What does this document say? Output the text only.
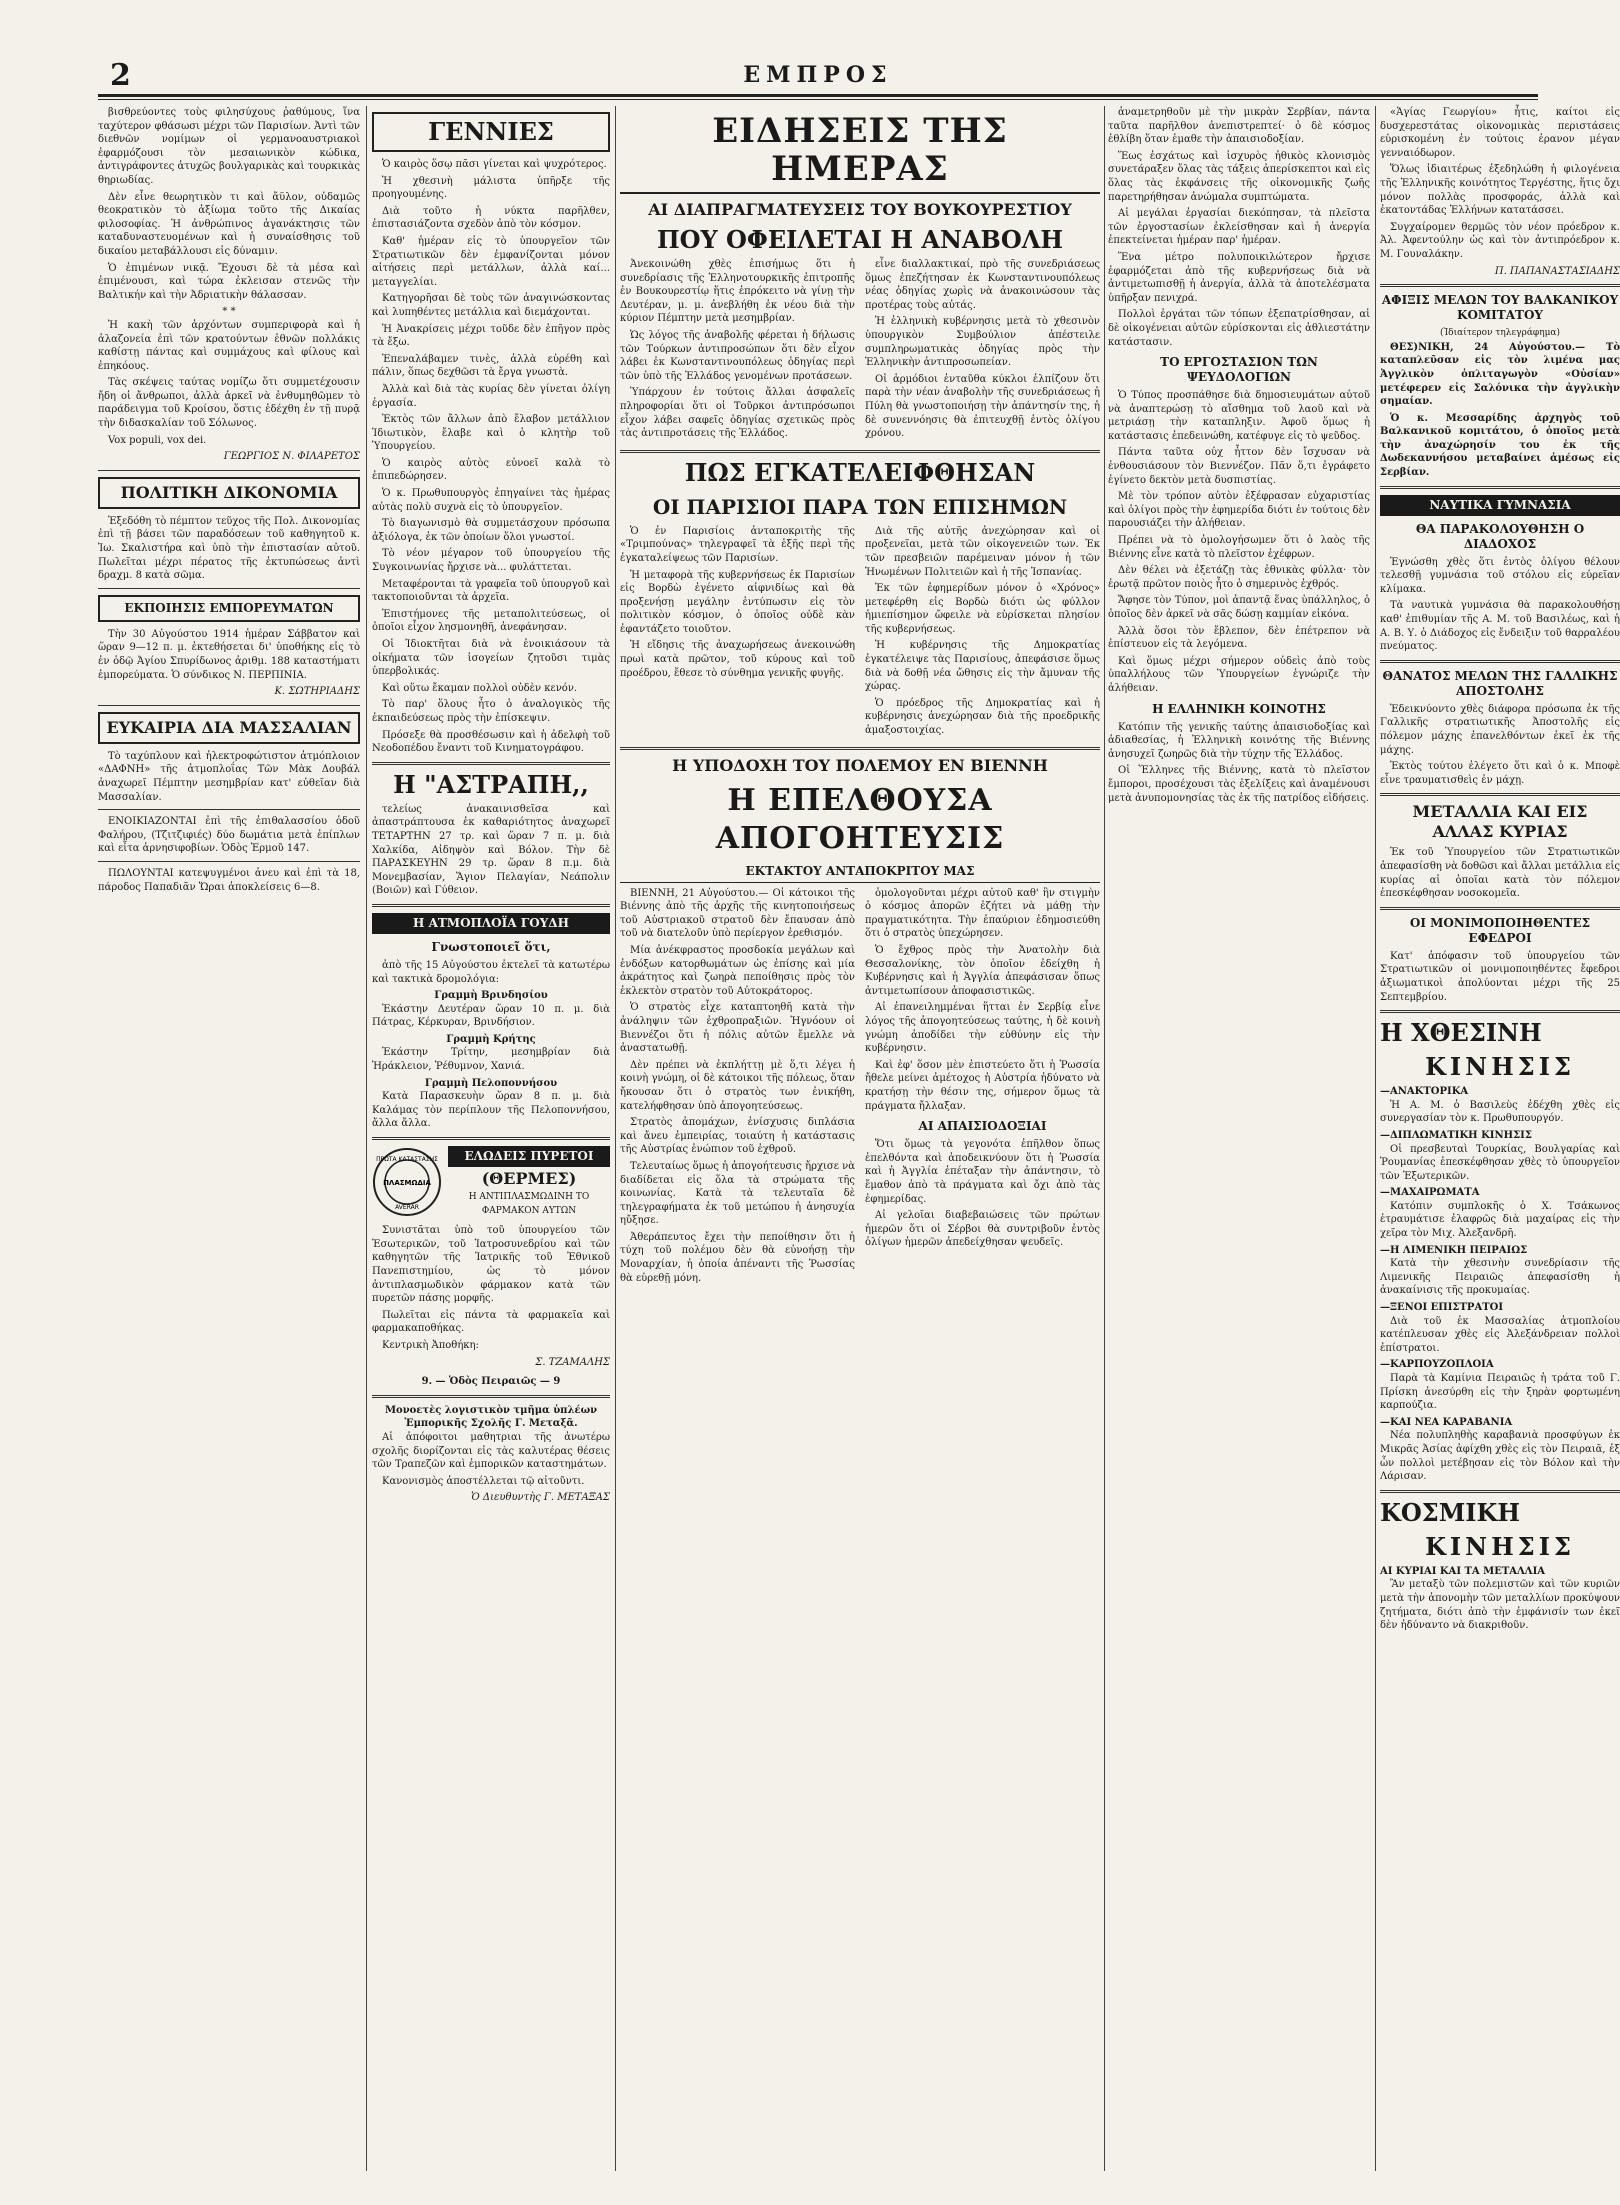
2	ΕΜΠΡΟΣ

βισθρεύοντες τοὺς φιλησύχους ῥαθύμους, ἵνα ταχύτερον φθάσωσι μέχρι τῶν Παρισίων. Ἀντὶ τῶν διεθνῶν νομίμων οἱ γερμανοαυστριακοὶ ἐφαρμόζουσι τὸν μεσαιωνικὸν κώδικα, ἀντιγράφοντες ἀτυχῶς βουλγαρικὰς καὶ τουρκικὰς θηριωδίας.

Δὲν εἶνε θεωρητικὸν τι καὶ ἄϋλον, οὐδαμῶς θεοκρατικὸν τὸ ἀξίωμα τοῦτο τῆς Δικαίας φιλοσοφίας. Ἡ ἀνθρώπινος ἀγανάκτησις τῶν καταδυναστευομένων καὶ ἡ συναίσθησις τοῦ δικαίου μεταβάλλουσι εἰς δύναμιν.

Ὁ ἐπιμένων νικᾷ. Ἔχουσι δὲ τὰ μέσα καὶ ἐπιμένουσι, καὶ τώρα ἐκλεισαν στενῶς τὴν Βαλτικήν καὶ τὴν Ἀδριατικὴν θάλασσαν.

* *

Ἡ κακὴ τῶν ἀρχόντων συμπεριφορὰ καὶ ἡ ἀλαζονεία ἐπὶ τῶν κρατούντων ἐθνῶν πολλάκις καθίστῃ πάντας καὶ συμμάχους καὶ φίλους καὶ ἐπηκόους.

Τὰς σκέψεις ταύτας νομίζω ὅτι συμμετέχουσιν ἤδη οἱ ἄνθρωποι, ἀλλὰ ἀρκεῖ νὰ ἐνθυμηθῶμεν τὸ παράδειγμα τοῦ Κροίσου, ὅστις ἐδέχθη ἐν τῇ πυρᾷ τὴν διδασκαλίαν τοῦ Σόλωνος.

Vox populi, vox dei.

ΓΕΩΡΓΙΟΣ Ν. ΦΙΛΑΡΕΤΟΣ
ΠΟΛΙΤΙΚΗ ΔΙΚΟΝΟΜΙΑ

Ἐξεδόθη τὸ πέμπτον τεῦχος τῆς Πολ. Δικονομίας ἐπὶ τῇ βάσει τῶν παραδόσεων τοῦ καθηγητοῦ κ. Ἰω. Σκαλιστήρα καὶ ὑπὸ τὴν ἐπιστασίαν αὐτοῦ. Πωλεῖται μέχρι πέρατος τῆς ἐκτυπώσεως ἀντὶ δραχμ. 8 κατὰ σῶμα.

ΕΚΠΟΙΗΣΙΣ ΕΜΠΟΡΕΥΜΑΤΩΝ

Τὴν 30 Αὐγούστου 1914 ἡμέραν Σάββατον καὶ ὥραν 9—12 π. μ. ἐκτεθήσεται δι' ὑποθήκης εἰς τὸ ἐν ὁδῷ Ἀγίου Σπυρίδωνος ἀριθμ. 188 καταστήματι ἐμπορεύματα. Ὁ σύνδικος Ν. ΠΕΡΠΙΝΙΑ.

Κ. ΣΩΤΗΡΙΑΔΗΣ
ΕΥΚΑΙΡΙΑ ΔΙΑ ΜΑΣΣΑΛΙΑΝ

Τὸ ταχύπλουν καὶ ἠλεκτροφώτιστον ἀτμόπλοιον «ΔΑΦΝΗ» τῆς ἀτμοπλοΐας Τῶν Μὰκ Δουβάλ ἀναχωρεῖ Πέμπτην μεσημβρίαν κατ' εὐθεῖαν διὰ Μασσαλίαν.

ΕΝΟΙΚΙΑΖΟΝΤΑΙ ἐπὶ τῆς ἐπιθαλασσίου ὁδοῦ Φαλήρου, (Τζιτζιφιές) δύο δωμάτια μετὰ ἐπίπλων καὶ εἶτα ἀρνησιφοβίων. Ὁδὸς Ἑρμοῦ 147.

ΠΩΛΟΥΝΤΑΙ κατεψυγμένοι ἀνευ καὶ ἐπὶ τὰ 18, πάροδος Παπαδιᾶν Ὥραι ἀποκλείσεις 6—8.

ΓΕΝΝΙΕΣ

Ὁ καιρὸς ὅσῳ πᾶσι γίνεται καὶ ψυχρότερος.

Ἡ χθεσινὴ μάλιστα ὑπῆρξε τῆς προηγουμένης.

Διὰ τοῦτο ἡ νύκτα παρῆλθεν, ἐπιστασιάζοντα σχεδὸν ἀπὸ τὸν κόσμον.

Καθ' ἡμέραν εἰς τὸ ὑπουργεῖον τῶν Στρατιωτικῶν δὲν ἐμφανίζονται μόνον αἰτήσεις περὶ μετάλλων, ἀλλὰ καί... μεταγγελίαι.

Κατηγορῆσαι δὲ τοὺς τῶν ἀναγινώσκοντας καὶ λυπηθέντες μετάλλια καὶ διεμάχονται.

Ἡ Ἀνακρίσεις μέχρι τοῦδε δὲν ἐπῆγον πρὸς τὰ ἔξω.

Ἐπεναλάβαμεν τινὲς, ἀλλὰ εὑρέθη καὶ πάλιν, ὅπως δεχθῶσι τὰ ἔργα γνωστὰ.

Ἀλλὰ καὶ διὰ τὰς κυρίας δὲν γίνεται ὀλίγη ἐργασία.

Ἐκτὸς τῶν ἄλλων ἀπὸ ἔλαβον μετάλλιον Ἰδιωτικὸν, ἔλαβε καὶ ὁ κλητὴρ τοῦ Ὑπουργείου.

Ὁ καιρὸς αὐτὸς εὐνοεῖ καλὰ τὸ ἐπιπεδώρησεν.

Ὁ κ. Πρωθυπουργὸς ἐπηγαίνει τὰς ἡμέρας αὐτὰς πολὺ συχνὰ εἰς τὸ ὑπουργεῖον.

Τὸ διαγωνισμὸ θὰ συμμετάσχουν πρόσωπα ἀξιόλογα, ἐκ τῶν ὁποίων ὅλοι γνωστοί.

Τὸ νέον μέγαρον τοῦ ὑπουργείου τῆς Συγκοινωνίας ἤρχισε νὰ... φυλάττεται.

Μεταφέρονται τὰ γραφεῖα τοῦ ὑπουργοῦ καὶ τακτοποιοῦνται τὰ ἀρχεῖα.

Ἐπιστήμονες τῆς μεταπολιτεύσεως, οἱ ὁποῖοι εἶχον λησμονηθῆ, ἀνεφάνησαν.

Οἱ Ἰδιοκτῆται διὰ νὰ ἐνοικιάσουν τὰ οἰκήματα τῶν ἰσογείων ζητοῦσι τιμὰς ὑπερβολικάς.

Καὶ οὕτω ἔκαμαν πολλοὶ οὐδὲν κενόν.

Τὸ παρ' ὅλους ἦτο ὁ ἀναλογικὸς τῆς ἐκπαιδεύσεως πρὸς τὴν ἐπίσκεψιν.

Πρόσεξε θὰ προσθέσωσιν καὶ ἡ ἀδελφὴ τοῦ Νεοδοπέδου ἔναντι τοῦ Κινηματογράφου.

Η "ΑΣΤΡΑΠΗ,,

τελείως ἀνακαινισθεῖσα καὶ ἀπαστράπτουσα ἐκ καθαριότητος ἀναχωρεῖ ΤΕΤΑΡΤΗΝ 27 τρ. καὶ ὥραν 7 π. μ. διὰ Χαλκίδα, Αἰδηψὸν καὶ Βόλον. Τὴν δὲ ΠΑΡΑΣΚΕΥΗΝ 29 τρ. ὥραν 8 π.μ. διὰ Μονεμβασίαν, Ἅγιον Πελαγίαν, Νεάπολιν (Βοιῶν) καὶ Γύθειον.

Η ΑΤΜΟΠΛΟΪΑ ΓΟΥΔΗ
Γνωστοποιεῖ ὅτι,

ἀπὸ τῆς 15 Αὐγούστου ἐκτελεῖ τὰ κατωτέρω καὶ τακτικὰ δρομολόγια:

Γραμμὴ Βρινδησίου

Ἐκάστην Δευτέραν ὥραν 10 π. μ. διὰ Πάτρας, Κέρκυραν, Βρινδήσιον.

Γραμμὴ Κρήτης

Ἐκάστην Τρίτην, μεσημβρίαν διὰ Ἡράκλειον, Ῥέθυμνον, Χανιά.

Γραμμὴ Πελοποννήσου

Κατὰ Παρασκευὴν ὥραν 8 π. μ. διὰ Καλάμας τὸν περίπλουν τῆς Πελοποννήσου, ἄλλα ἄλλα.

ΠΡΩΤΑ ΚΑΤΑΣΤΑΣΗΣ
ΠΛΑΣΜΩΔΙΑ
AVERAR
ΕΛΩΔΕΙΣ ΠΥΡΕΤΟΙ
(ΘΕΡΜΕΣ)
Η ΑΝΤΙΠΛΑΣΜΩΔΙΝΗ ΤΟ ΦΑΡΜΑΚΟΝ ΑΥΤΩΝ

Συνιστᾶται ὑπὸ τοῦ ὑπουργείου τῶν Ἐσωτερικῶν, τοῦ Ἰατροσυνεδρίου καὶ τῶν καθηγητῶν τῆς Ἰατρικῆς τοῦ Ἐθνικοῦ Πανεπιστημίου, ὡς τὸ μόνον ἀντιπλασμωδικὸν φάρμακον κατὰ τῶν πυρετῶν πάσης μορφῆς.

Πωλεῖται εἰς πάντα τὰ φαρμακεῖα καὶ φαρμακαποθήκας.

Κεντρικὴ Ἀποθήκη:

Σ. ΤΖΑΜΑΛΗΣ
9. — Ὁδὸς Πειραιῶς — 9
Μονοετὲς λογιστικὸν τμῆμα ὑπλέων Ἐμπορικῆς Σχολῆς Γ. Μεταξᾶ.

Αἱ ἀπόφοιτοι μαθητριαι τῆς ἀνωτέρω σχολῆς διορίζονται εἰς τὰς καλυτέρας θέσεις τῶν Τραπεζῶν καὶ ἐμπορικῶν καταστημάτων.

Κανονισμὸς ἀποστέλλεται τῷ αἰτοῦντι.

Ὁ Διευθυντὴς Γ. ΜΕΤΑΞΑΣ
ΕΙΔΗΣΕΙΣ ΤΗΣ ΗΜΕΡΑΣ
ΑΙ ΔΙΑΠΡΑΓΜΑΤΕΥΣΕΙΣ ΤΟΥ ΒΟΥΚΟΥΡΕΣΤΙΟΥ
ΠΟΥ ΟΦΕΙΛΕΤΑΙ Η ΑΝΑΒΟΛΗ

Ἀνεκοινώθη χθὲς ἐπισήμως ὅτι ἡ συνεδρίασις τῆς Ἑλληνοτουρκικῆς ἐπιτροπῆς ἐν Βουκουρεστίῳ ἥτις ἐπρόκειτο νὰ γίνῃ τὴν Δευτέραν, μ. μ. ἀνεβλήθη ἐκ νέου διὰ τὴν κύριον Πέμπτην μετὰ μεσημβρίαν.

Ὡς λόγος τῆς ἀναβολῆς φέρεται ἡ δήλωσις τῶν Τούρκων ἀντιπροσώπων ὅτι δὲν εἶχον λάβει ἐκ Κωνσταντινουπόλεως ὁδηγίας περὶ τῶν ὑπὸ τῆς Ἑλλάδος γενομένων προτάσεων.

Ὑπάρχουν ἐν τούτοις ἄλλαι ἀσφαλεῖς πληροφορίαι ὅτι οἱ Τοῦρκοι ἀντιπρόσωποι εἶχον λάβει σαφεῖς ὁδηγίας σχετικῶς πρὸς τὰς ἀντιπροτάσεις τῆς Ἑλλάδος.

εἶνε διαλλακτικαί, πρὸ τῆς συνεδριάσεως ὅμως ἐπεζήτησαν ἐκ Κωνσταντινουπόλεως νέας ὁδηγίας χωρὶς νὰ ἀνακοινώσουν τὰς προτέρας τοὺς αὐτάς.

Ἡ ἑλληνικὴ κυβέρνησις μετὰ τὸ χθεσινὸν ὑπουργικὸν Συμβούλιον ἀπέστειλε συμπληρωματικὰς ὁδηγίας πρὸς τὴν Ἑλληνικὴν ἀντιπροσωπείαν.

Οἱ ἁρμόδιοι ἐνταῦθα κύκλοι ἐλπίζουν ὅτι παρὰ τὴν νέαν ἀναβολὴν τῆς συνεδριάσεως ἡ Πύλη θὰ γνωστοποιήσῃ τὴν ἀπάντησίν της, ἡ δὲ συνεννόησις θὰ ἐπιτευχθῇ ἐντὸς ὀλίγου χρόνου.

ΠΩΣ ΕΓΚΑΤΕΛΕΙΦΘΗΣΑΝ
ΟΙ ΠΑΡΙΣΙΟΙ ΠΑΡΑ ΤΩΝ ΕΠΙΣΗΜΩΝ

Ὁ ἐν Παρισίοις ἀνταποκριτὴς τῆς «Τριμπούνας» τηλεγραφεῖ τὰ ἑξῆς περὶ τῆς ἐγκαταλείψεως τῶν Παρισίων.

Ἡ μεταφορὰ τῆς κυβερνήσεως ἐκ Παρισίων εἰς Βορδὼ ἐγένετο αἰφνιδίως καὶ θὰ προξενήσῃ μεγάλην ἐντύπωσιν εἰς τὸν πολιτικὸν κόσμον, ὁ ὁποῖος οὐδὲ κὰν ἐφαντάζετο τοιοῦτον.

Ἡ εἴδησις τῆς ἀναχωρήσεως ἀνεκοινώθη πρωὶ κατὰ πρῶτον, τοῦ κύρους καὶ τοῦ προέδρου, ἔθεσε τὸ σύνθημα γενικῆς φυγῆς.

Διὰ τῆς αὐτῆς ἀνεχώρησαν καὶ οἱ προξενεῖαι, μετὰ τῶν οἰκογενειῶν των. Ἐκ τῶν πρεσβειῶν παρέμειναν μόνον ἡ τῶν Ἡνωμένων Πολιτειῶν καὶ ἡ τῆς Ἰσπανίας.

Ἐκ τῶν ἐφημερίδων μόνον ὁ «Χρόνος» μετεφέρθη εἰς Βορδὼ διότι ὡς φύλλον ἡμιεπίσημον ὤφειλε νὰ εὑρίσκεται πλησίον τῆς κυβερνήσεως.

Ἡ κυβέρνησις τῆς Δημοκρατίας ἐγκατέλειψε τὰς Παρισίους, ἀπεφάσισε ὅμως διὰ νὰ δοθῇ νέα ὤθησις εἰς τὴν ἄμυναν τῆς χώρας.

Ὁ πρόεδρος τῆς Δημοκρατίας καὶ ἡ κυβέρνησις ἀνεχώρησαν διὰ τῆς προεδρικῆς ἀμαξοστοιχίας.

Η ΥΠΟΔΟΧΗ ΤΟΥ ΠΟΛΕΜΟΥ ΕΝ ΒΙΕΝΝΗ
Η ΕΠΕΛΘΟΥΣΑ ΑΠΟΓΟΗΤΕΥΣΙΣ
ΕΚΤΑΚΤΟΥ ΑΝΤΑΠΟΚΡΙΤΟΥ ΜΑΣ

ΒΙΕΝΝΗ, 21 Αὐγούστου.— Οἱ κάτοικοι τῆς Βιέννης ἀπὸ τῆς ἀρχῆς τῆς κινητοποιήσεως τοῦ Αὐστριακοῦ στρατοῦ δὲν ἔπαυσαν ἀπὸ τοῦ νὰ διατελοῦν ὑπὸ περίεργον ἐρεθισμόν.

Μία ἀνέκφραστος προσδοκία μεγάλων καὶ ἐνδόξων κατορθωμάτων ὡς ἐπίσης καὶ μία ἀκράτητος καὶ ζωηρὰ πεποίθησις πρὸς τὸν ἐκλεκτὸν στρατὸν τοῦ Αὐτοκράτορος.

Ὁ στρατὸς εἶχε καταπτοηθῆ κατὰ τὴν ἀνάληψιν τῶν ἐχθροπραξιῶν. Ἠγνόουν οἱ Βιεννέζοι ὅτι ἡ πόλις αὐτῶν ἔμελλε νὰ ἀναστατωθῇ.

Δὲν πρέπει νὰ ἐκπλήττῃ μὲ ὅ,τι λέγει ἡ κοινὴ γνώμη, οἱ δὲ κάτοικοι τῆς πόλεως, ὅταν ἤκουσαν ὅτι ὁ στρατὸς των ἐνικήθη, κατελήφθησαν ὑπὸ ἀπογοητεύσεως.

Στρατὸς ἀπομάχων, ἐνίσχυσις διπλάσια καὶ ἄνευ ἐμπειρίας, τοιαύτη ἡ κατάστασις τῆς Αὐστρίας ἐνώπιον τοῦ ἐχθροῦ.

Τελευταίως ὅμως ἡ ἀπογοήτευσις ἤρχισε νὰ διαδίδεται εἰς ὅλα τὰ στρώματα τῆς κοινωνίας. Κατὰ τὰ τελευταῖα δὲ τηλεγραφήματα ἐκ τοῦ μετώπου ἡ ἀνησυχία ηὔξησε.

Ἀθεράπευτος ἔχει τὴν πεποίθησιν ὅτι ἡ τύχη τοῦ πολέμου δὲν θὰ εὐνοήσῃ τὴν Μοναρχίαν, ἡ ὁποία ἀπέναντι τῆς Ῥωσσίας θὰ εὑρεθῇ μόνη.

ὁμολογοῦνται μέχρι αὐτοῦ καθ' ἣν στιγμὴν ὁ κόσμος ἀπορῶν ἐζήτει νὰ μάθῃ τὴν πραγματικότητα. Τὴν ἐπαύριον ἐδημοσιεύθη ὅτι ὁ στρατὸς ὑπεχώρησεν.

Ὁ ἔχθρος πρὸς τὴν Ἀνατολὴν διὰ Θεσσαλονίκης, τὸν ὁποῖον ἐδείχθη ἡ Κυβέρνησις καὶ ἡ Ἀγγλία ἀπεφάσισαν ὅπως ἀντιμετωπίσουν ἀποφασιστικῶς.

Αἱ ἐπανειλημμέναι ἥτται ἐν Σερβίᾳ εἶνε λόγος τῆς ἀπογοητεύσεως ταύτης, ἡ δὲ κοινὴ γνώμη ἀποδίδει τὴν εὐθύνην εἰς τὴν κυβέρνησιν.

Καὶ ἐφ' ὅσον μὲν ἐπιστεύετο ὅτι ἡ Ῥωσσία ἤθελε μείνει ἀμέτοχος ἡ Αὐστρία ἠδύνατο νὰ κρατήσῃ τὴν θέσιν της, σήμερον ὅμως τὰ πράγματα ἤλλαξαν.

ΑΙ ΑΠΑΙΣΙΟΔΟΞΙΑΙ

Ὅτι ὅμως τὰ γεγονότα ἐπῆλθον ὅπως ἐπελθόντα καὶ ἀποδεικνύουν ὅτι ἡ Ῥωσσία καὶ ἡ Ἀγγλία ἐπέταξαν τὴν ἀπάντησιν, τὸ ἔμαθον ἀπὸ τὰ πράγματα καὶ ὄχι ἀπὸ τὰς ἐφημερίδας.

Αἱ γελοῖαι διαβεβαιώσεις τῶν πρώτων ἡμερῶν ὅτι οἱ Σέρβοι θὰ συντριβοῦν ἐντὸς ὀλίγων ἡμερῶν ἀπεδείχθησαν ψευδεῖς.

ἀναμετρηθοῦν μὲ τὴν μικρὰν Σερβίαν, πάντα ταῦτα παρῆλθον ἀνεπιστρεπτεί· ὁ δὲ κόσμος ἐθλίβη ὅταν ἐμαθε τὴν ἀπαισιοδοξίαν.

Ἕως ἐσχάτως καὶ ἰσχυρὸς ἠθικὸς κλονισμὸς συνετάραξεν ὅλας τὰς τάξεις ἀπερίσκεπτοι καὶ εἰς ὅλας τὰς ἐκφάνσεις τῆς οἰκονομικῆς ζωῆς παρετηρήθησαν ἀνώμαλα συμπτώματα.

Αἱ μεγάλαι ἐργασίαι διεκόπησαν, τὰ πλεῖστα τῶν ἐργοστασίων ἐκλείσθησαν καὶ ἡ ἀνεργία ἐπεκτείνεται ἡμέραν παρ' ἡμέραν.

Ἕνα μέτρο πολυποικιλώτερον ἤρχισε ἐφαρμόζεται ἀπὸ τῆς κυβερνήσεως διὰ νὰ ἀντιμετωπισθῇ ἡ ἀνεργία, ἀλλὰ τὰ ἀποτελέσματα ὑπῆρξαν πενιχρά.

Πολλοὶ ἐργάται τῶν τόπων ἐξεπατρίσθησαν, αἱ δὲ οἰκογένειαι αὐτῶν εὑρίσκονται εἰς ἀθλιεστάτην κατάστασιν.

ΤΟ ΕΡΓΟΣΤΑΣΙΟΝ ΤΩΝ ΨΕΥΔΟΛΟΓΙΩΝ

Ὁ Τύπος προσπάθησε διὰ δημοσιευμάτων αὐτοῦ νὰ ἀναπτερώσῃ τὸ αἴσθημα τοῦ λαοῦ καὶ νὰ μετριάσῃ τὴν καταπληξιν. Ἀφοῦ ὅμως ἡ κατάστασις ἐπεδεινώθη, κατέφυγε εἰς τὸ ψεῦδος.

Πάντα ταῦτα οὐχ ἧττον δὲν ἴσχυσαν νὰ ἐνθουσιάσουν τὸν Βιεννέζον. Πᾶν ὅ,τι ἐγράφετο ἐγίνετο δεκτὸν μετὰ δυσπιστίας.

Μὲ τὸν τρόπον αὐτὸν ἐξέφρασαν εὐχαριστίας καὶ ὁλίγοι πρὸς τὴν ἐφημερίδα διότι ἐν τούτοις δὲν παρουσιάζει τὴν ἀλήθειαν.

Πρέπει νὰ τὸ ὁμολογήσωμεν ὅτι ὁ λαὸς τῆς Βιέννης εἶνε κατὰ τὸ πλεῖστον ἐχέφρων.

Δὲν θέλει νὰ ἐξετάζῃ τὰς ἐθνικὰς φύλλα· τὸν ἐρωτᾷ πρῶτον ποιὸς ἦτο ὁ σημερινὸς ἐχθρός.

Ἄφησε τὸν Τύπον, μοὶ ἀπαντᾷ ἕνας ὑπάλληλος, ὁ ὁποῖος δὲν ἀρκεῖ νὰ σᾶς δώσῃ καμμίαν εἰκόνα.

Ἀλλὰ ὅσοι τὸν ἔβλεπον, δὲν ἐπέτρεπον νὰ ἐπίστευον εἰς τὰ λεγόμενα.

Καὶ ὅμως μέχρι σήμερον οὐδεὶς ἀπὸ τοὺς ὑπαλλήλους τῶν Ὑπουργείων ἐγνώριζε τὴν ἀλήθειαν.

Η ΕΛΛΗΝΙΚΗ ΚΟΙΝΟΤΗΣ

Κατόπιν τῆς γενικῆς ταύτης ἀπαισιοδοξίας καὶ ἀδιαθεσίας, ἡ Ἑλληνικὴ κοινότης τῆς Βιέννης ἀνησυχεῖ ζωηρῶς διὰ τὴν τύχην τῆς Ἑλλάδος.

Οἱ Ἕλληνες τῆς Βιέννης, κατὰ τὸ πλεῖστον ἔμποροι, προσέχουσι τὰς ἐξελίξεις καὶ ἀναμένουσι μετὰ ἀνυπομονησίας τὰς ἐκ τῆς πατρίδος εἰδήσεις.

«Ἁγίας Γεωργίου» ἧτις, καίτοι εἰς δυσχερεστάτας οἰκονομικὰς περιστάσεις εὑρισκομένη ἐν τούτοις ἐρανον μέγαν γενναιόδωρον.

Ὅλως ἰδιαιτέρως ἐξεδηλώθη ἡ φιλογένεια τῆς Ἑλληνικῆς κοινότητος Τεργέστης, ἥτις ὄχι μόνον πολλὰς προσφοράς, ἀλλὰ καὶ ἐκατοντάδας Ἑλλήνων κατατάσσει.

Συγχαίρομεν θερμῶς τὸν νέον πρόεδρον κ. Ἀλ. Ἀφεντούλην ὡς καὶ τὸν ἀντιπρόεδρον κ. Μ. Γουναλάκην.

Π. ΠΑΠΑΝΑΣΤΑΣΙΑΔΗΣ
ΑΦΙΞΙΣ ΜΕΛΩΝ ΤΟΥ ΒΑΛΚΑΝΙΚΟΥ ΚΟΜΙΤΑΤΟΥ
(Ἰδιαίτερον τηλεγράφημα)

ΘΕΣ)ΝΙΚΗ, 24 Αὐγούστου.— Τὸ καταπλεῦσαν εἰς τὸν λιμένα μας Ἀγγλικὸν ὁπλιταγωγὸν «Οὐσίαν» μετέφερεν εἰς Σαλόνικα τὴν ἀγγλικὴν σημαίαν.

Ὁ κ. Μεσσαρίδης ἀρχηγὸς τοῦ Βαλκανικοῦ κομιτάτου, ὁ ὁποῖος μετὰ τὴν ἀναχώρησίν του ἐκ τῆς Δωδεκαννήσου μεταβαίνει ἀμέσως εἰς Σερβίαν.

ΝΑΥΤΙΚΑ ΓΥΜΝΑΣΙΑ
ΘΑ ΠΑΡΑΚΟΛΟΥΘΗΣΗ Ο ΔΙΑΔΟΧΟΣ

Ἐγνώσθη χθὲς ὅτι ἐντὸς ὀλίγου θέλουν τελεσθῇ γυμνάσια τοῦ στόλου εἰς εὐρεῖαν κλίμακα.

Τὰ ναυτικὰ γυμνάσια θὰ παρακολουθήσῃ καθ' ἐπιθυμίαν τῆς Α. Μ. τοῦ Βασιλέως, καὶ ἡ Α. Β. Υ. ὁ Διάδοχος εἰς ἔνδειξιν τοῦ θαρραλέου πνεύματος.

ΘΑΝΑΤΟΣ ΜΕΛΩΝ ΤΗΣ ΓΑΛΛΙΚΗΣ ΑΠΟΣΤΟΛΗΣ

Ἐδεικνύοντο χθὲς διάφορα πρόσωπα ἐκ τῆς Γαλλικῆς στρατιωτικῆς Ἀποστολῆς εἰς πόλεμον μάχης ἐπανελθόντων ἐκεῖ ἐκ τῆς μάχης.

Ἐκτὸς τούτου ἐλέγετο ὅτι καὶ ὁ κ. Μποφὲ εἶνε τραυματισθεὶς ἐν μάχῃ.

ΜΕΤΑΛΛΙΑ ΚΑΙ ΕΙΣ ΑΛΛΑΣ ΚΥΡΙΑΣ

Ἐκ τοῦ Ὑπουργείου τῶν Στρατιωτικῶν ἀπεφασίσθη νὰ δοθῶσι καὶ ἄλλαι μετάλλια εἰς κυρίας αἱ ὁποῖαι κατὰ τὸν πόλεμον ἐπεσκέφθησαν νοσοκομεῖα.

ΟΙ ΜΟΝΙΜΟΠΟΙΗΘΕΝΤΕΣ ΕΦΕΔΡΟΙ

Κατ' ἀπόφασιν τοῦ ὑπουργείου τῶν Στρατιωτικῶν οἱ μονιμοποιηθέντες ἔφεδροι ἀξιωματικοὶ ἀπολύονται μέχρι τῆς 25 Σεπτεμβρίου.

Η ΧΘΕΣΙΝΗ
ΚΙΝΗΣΙΣ
—ΑΝΑΚΤΟΡΙΚΑ

Ἡ Α. Μ. ὁ Βασιλεὺς ἐδέχθη χθὲς εἰς συνεργασίαν τὸν κ. Πρωθυπουργόν.

—ΔΙΠΛΩΜΑΤΙΚΗ ΚΙΝΗΣΙΣ

Οἱ πρεσβευταὶ Τουρκίας, Βουλγαρίας καὶ Ῥουμανίας ἐπεσκέφθησαν χθὲς τὸ ὑπουργεῖον τῶν Ἐξωτερικῶν.

—ΜΑΧΑΙΡΩΜΑΤΑ

Κατόπιν συμπλοκῆς ὁ Χ. Τσάκωνος ἐτραυμάτισε ἐλαφρῶς διὰ μαχαίρας εἰς τὴν χεῖρα τὸν Μιχ. Ἀλεξανδρῆ.

—Η ΛΙΜΕΝΙΚΗ ΠΕΙΡΑΙΩΣ

Κατὰ τὴν χθεσινὴν συνεδρίασιν τῆς Λιμενικῆς Πειραιῶς ἀπεφασίσθη ἡ ἀνακαίνισις τῆς προκυμαίας.

—ΞΕΝΟΙ ΕΠΙΣΤΡΑΤΟΙ

Διὰ τοῦ ἐκ Μασσαλίας ἀτμοπλοίου κατέπλευσαν χθὲς εἰς Ἀλεξάνδρειαν πολλοὶ ἐπίστρατοι.

—ΚΑΡΠΟΥΖΟΠΛΟΙΑ

Παρὰ τὰ Καμίνια Πειραιῶς ἡ τράτα τοῦ Γ. Πρίσκη ἀνεσύρθη εἰς τὴν ξηρὰν φορτωμένη καρπούζια.

—ΚΑΙ ΝΕΑ ΚΑΡΑΒΑΝΙΑ

Νέα πολυπληθὴς καραβανιὰ προσφύγων ἐκ Μικρᾶς Ἀσίας ἀφίχθη χθὲς εἰς τὸν Πειραιᾶ, ἐξ ὧν πολλοὶ μετέβησαν εἰς τὸν Βόλον καὶ τὴν Λάρισαν.

ΚΟΣΜΙΚΗ
ΚΙΝΗΣΙΣ
ΑΙ ΚΥΡΙΑΙ ΚΑΙ ΤΑ ΜΕΤΑΛΛΙΑ

Ἂν μεταξὺ τῶν πολεμιστῶν καὶ τῶν κυριῶν μετὰ τὴν ἀπονομὴν τῶν μεταλλίων προκύψουν ζητήματα, διότι ἀπὸ τὴν ἐμφάνισίν των ἐκεῖ δὲν ἠδύναντο νὰ διακριθοῦν.
